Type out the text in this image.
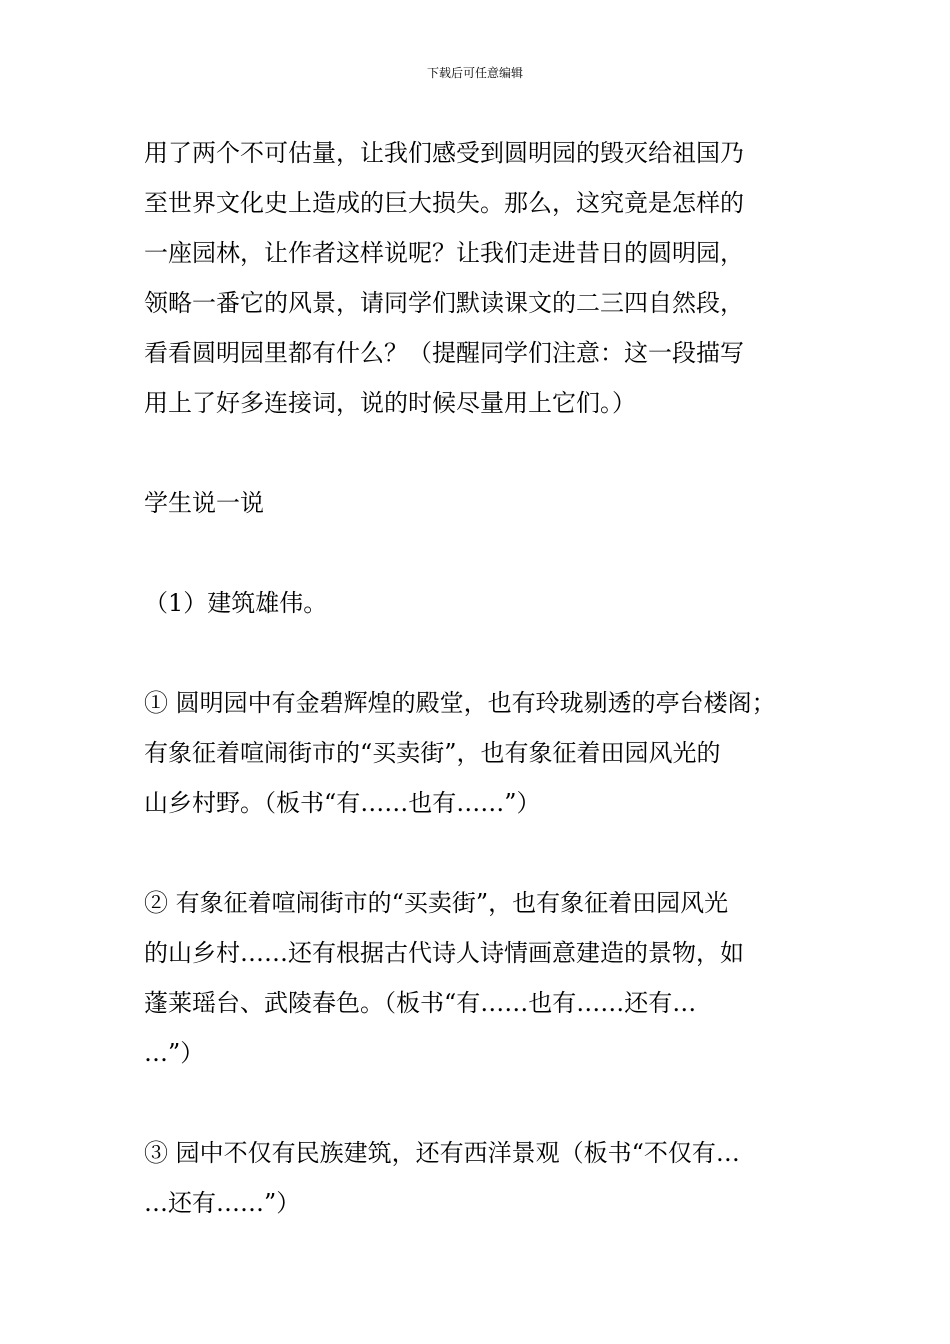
下载后可任意编辑

用了两个不可估量，让我们感受到圆明园的毁灭给祖国乃
至世界文化史上造成的巨大损失。那么，这究竟是怎样的
一座园林，让作者这样说呢？让我们走进昔日的圆明园，
领略一番它的风景，请同学们默读课文的二三四自然段，
看看圆明园里都有什么？（提醒同学们注意：这一段描写
用上了好多连接词，说的时候尽量用上它们。）

学生说一说

（1）建筑雄伟。

① 圆明园中有金碧辉煌的殿堂，也有玲珑剔透的亭台楼阁；
有象征着喧闹街市的“买卖街”，也有象征着田园风光的
山乡村野。（板书“有……也有……”）

② 有象征着喧闹街市的“买卖街”，也有象征着田园风光
的山乡村……还有根据古代诗人诗情画意建造的景物，如
蓬莱瑶台、武陵春色。（板书“有……也有……还有…
…”）

③ 园中不仅有民族建筑，还有西洋景观（板书“不仅有…
…还有……”）
